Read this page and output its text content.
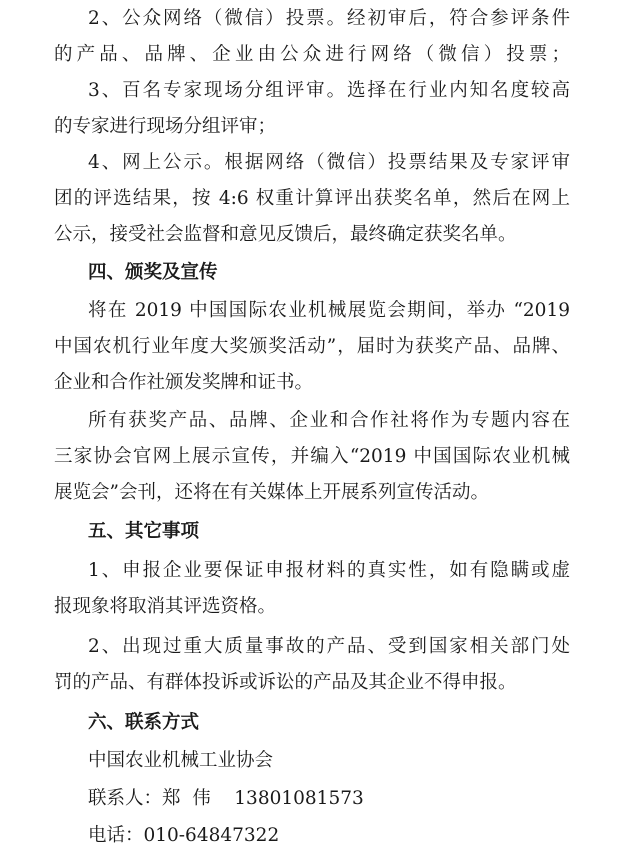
2、公众网络（微信）投票。经初审后，符合参评条件
的产品、品牌、企业由公众进行网络（微信）投票；
3、百名专家现场分组评审。选择在行业内知名度较高
的专家进行现场分组评审；
4、网上公示。根据网络（微信）投票结果及专家评审
团的评选结果，按 4:6 权重计算评出获奖名单，然后在网上
公示，接受社会监督和意见反馈后，最终确定获奖名单。
四、颁奖及宣传
将在 2019 中国国际农业机械展览会期间，举办 “2019
中国农机行业年度大奖颁奖活动”，届时为获奖产品、品牌、
企业和合作社颁发奖牌和证书。
所有获奖产品、品牌、企业和合作社将作为专题内容在
三家协会官网上展示宣传，并编入“2019 中国国际农业机械
展览会”会刊，还将在有关媒体上开展系列宣传活动。
五、其它事项
1、申报企业要保证申报材料的真实性，如有隐瞒或虚
报现象将取消其评选资格。
2、出现过重大质量事故的产品、受到国家相关部门处
罚的产品、有群体投诉或诉讼的产品及其企业不得申报。
六、联系方式
中国农业机械工业协会
联系人：郑  伟    13801081573
电话：010-64847322
